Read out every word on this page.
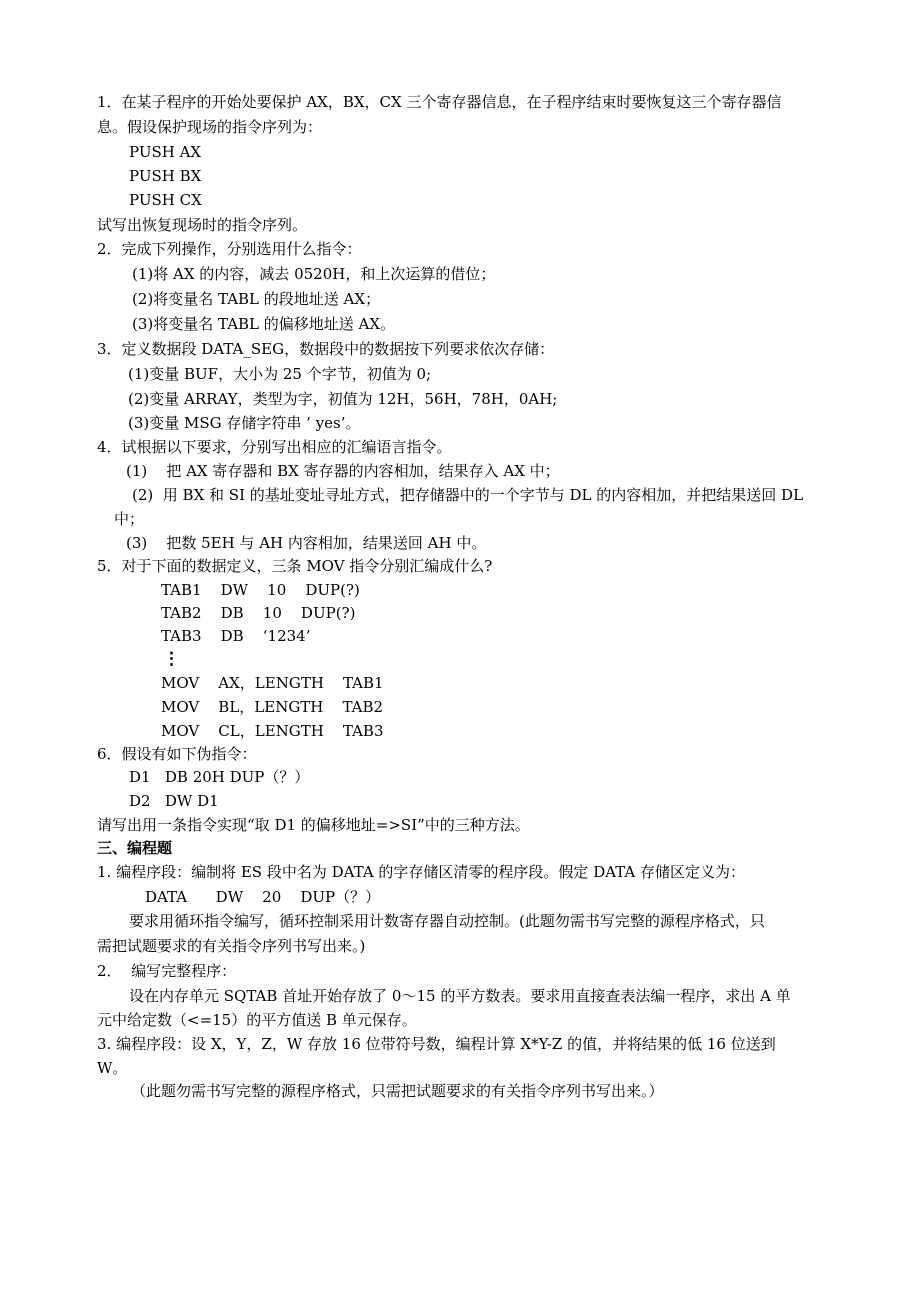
1．在某子程序的开始处要保护 AX，BX，CX 三个寄存器信息，在子程序结束时要恢复这三个寄存器信
息。假设保护现场的指令序列为：
PUSH AX
PUSH BX
PUSH CX
试写出恢复现场时的指令序列。
2．完成下列操作，分别选用什么指令：
(1)将 AX 的内容，减去 0520H，和上次运算的借位；
(2)将变量名 TABL 的段地址送 AX；
(3)将变量名 TABL 的偏移地址送 AX。
3．定义数据段 DATA_SEG，数据段中的数据按下列要求依次存储：
(1)变量 BUF，大小为 25 个字节，初值为 0;
(2)变量 ARRAY，类型为字，初值为 12H，56H，78H，0AH;
(3)变量 MSG 存储字符串 ’ yes’。
4．试根据以下要求，分别写出相应的汇编语言指令。
(1)    把 AX 寄存器和 BX 寄存器的内容相加，结果存入 AX 中；
(2)  用 BX 和 SI 的基址变址寻址方式，把存储器中的一个字节与 DL 的内容相加，并把结果送回 DL
中；
(3)    把数 5EH 与 AH 内容相加，结果送回 AH 中。
5．对于下面的数据定义，三条 MOV 指令分别汇编成什么?
TAB1    DW    10    DUP(?)
TAB2    DB    10    DUP(?)
TAB3    DB    ‘1234’
⋮
MOV    AX，LENGTH    TAB1
MOV    BL，LENGTH    TAB2
MOV    CL，LENGTH    TAB3
6．假设有如下伪指令：
D1   DB 20H DUP（？）
D2   DW D1
请写出用一条指令实现“取 D1 的偏移地址=>SI”中的三种方法。
三、编程题
1. 编程序段：编制将 ES 段中名为 DATA 的字存储区清零的程序段。假定 DATA 存储区定义为：
DATA      DW    20    DUP（？）
要求用循环指令编写，循环控制采用计数寄存器自动控制。(此题勿需书写完整的源程序格式，只
需把试题要求的有关指令序列书写出来。)
2．  编写完整程序：
设在内存单元 SQTAB 首址开始存放了 0～15 的平方数表。要求用直接查表法编一程序，求出 A 单
元中给定数（<=15）的平方值送 B 单元保存。
3. 编程序段：设 X，Y，Z，W 存放 16 位带符号数，编程计算 X*Y-Z 的值，并将结果的低 16 位送到
W。
（此题勿需书写完整的源程序格式，只需把试题要求的有关指令序列书写出来。）
